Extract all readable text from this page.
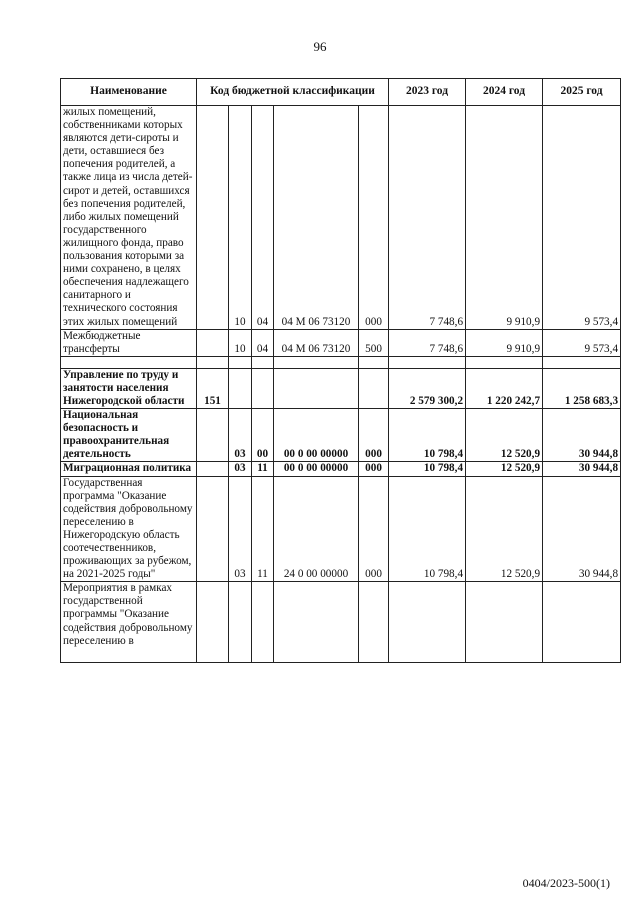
96
Наименование	Код бюджетной классификации					2023 год	2024 год	2025 год
жилых помещений, собственниками которых являются дети-сироты и дети, оставшиеся без попечения родителей, а также лица из числа детей-сирот и детей, оставшихся без попечения родителей, либо жилых помещений государственного жилищного фонда, право пользования которыми за ними сохранено, в целях обеспечения надлежащего санитарного и технического состояния этих жилых помещений		10	04	04 М 06 73120	000	7 748,6	9 910,9	9 573,4
Межбюджетные трансферты		10	04	04 М 06 73120	500	7 748,6	9 910,9	9 573,4

Управление по труду и занятости населения Нижегородской области	151					2 579 300,2	1 220 242,7	1 258 683,3
Национальная безопасность и правоохранительная деятельность		03	00	00 0 00 00000	000	10 798,4	12 520,9	30 944,8
Миграционная политика		03	11	00 0 00 00000	000	10 798,4	12 520,9	30 944,8
Государственная программа "Оказание содействия добровольному переселению в Нижегородскую область соотечественников, проживающих за рубежом, на 2021-2025 годы"		03	11	24 0 00 00000	000	10 798,4	12 520,9	30 944,8
Мероприятия в рамках государственной программы "Оказание содействия добровольному переселению в								
0404/2023-500(1)
